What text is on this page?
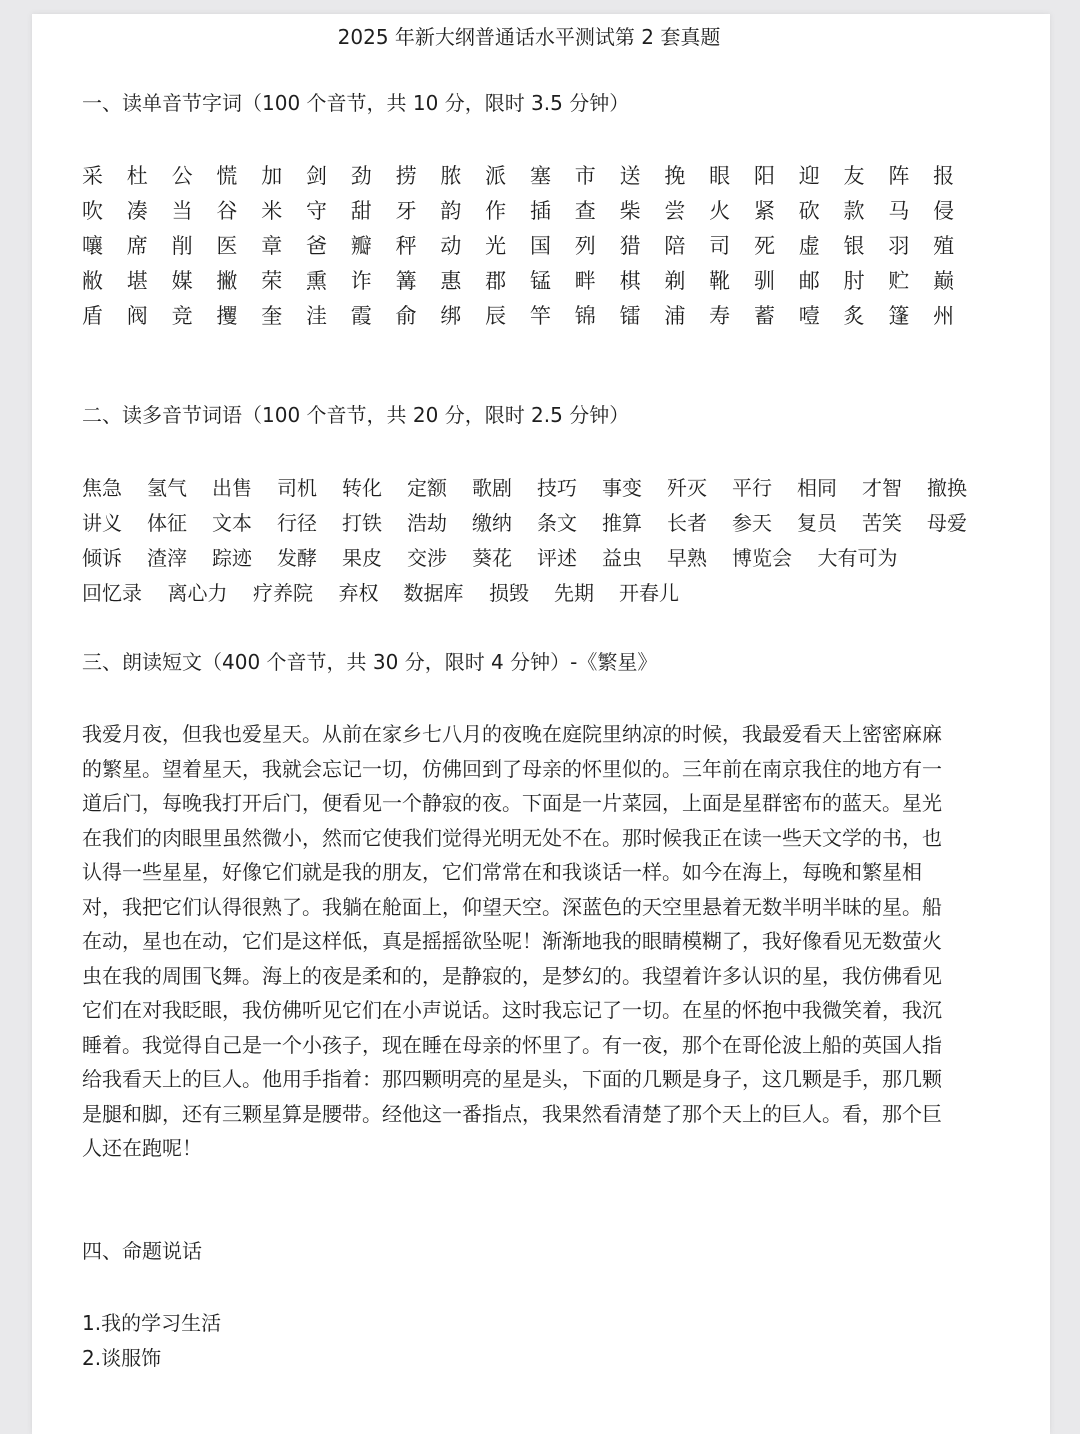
2025 年新大纲普通话水平测试第 2 套真题
一、读单音节字词（100 个音节，共 10 分，限时 3.5 分钟）
采	杜	公	慌	加	剑	劲	捞	脓	派	塞	市	送	挽	眼	阳	迎	友	阵	报
吹	凑	当	谷	米	守	甜	牙	韵	作	插	查	柴	尝	火	紧	砍	款	马	侵
嚷	席	削	医	章	爸	瓣	秤	动	光	国	列	猎	陪	司	死	虚	银	羽	殖
敝	堪	媒	撇	荣	熏	诈	篝	惠	郡	锰	畔	棋	剃	靴	驯	邮	肘	贮	巅
盾	阀	竞	攫	奎	洼	霞	俞	绑	辰	竿	锦	镭	浦	寿	蓄	噎	炙	篷	州
二、读多音节词语（100 个音节，共 20 分，限时 2.5 分钟）
焦急 氢气 出售 司机 转化 定额 歌剧 技巧 事变 歼灭 平行 相同 才智 撤换
讲义 体征 文本 行径 打铁 浩劫 缴纳 条文 推算 长者 参天 复员 苦笑 母爱
倾诉 渣滓 踪迹 发酵 果皮 交涉 葵花 评述 益虫 早熟 博览会 大有可为
回忆录 离心力 疗养院 弃权 数据库 损毁 先期 开春儿
三、朗读短文（400 个音节，共 30 分，限时 4 分钟）-《繁星》
我爱月夜，但我也爱星天。从前在家乡七八月的夜晚在庭院里纳凉的时候，我最爱看天上密密麻麻
的繁星。望着星天，我就会忘记一切，仿佛回到了母亲的怀里似的。三年前在南京我住的地方有一
道后门，每晚我打开后门，便看见一个静寂的夜。下面是一片菜园，上面是星群密布的蓝天。星光
在我们的肉眼里虽然微小，然而它使我们觉得光明无处不在。那时候我正在读一些天文学的书，也
认得一些星星，好像它们就是我的朋友，它们常常在和我谈话一样。如今在海上，每晚和繁星相
对，我把它们认得很熟了。我躺在舱面上，仰望天空。深蓝色的天空里悬着无数半明半昧的星。船
在动，星也在动，它们是这样低，真是摇摇欲坠呢！渐渐地我的眼睛模糊了，我好像看见无数萤火
虫在我的周围飞舞。海上的夜是柔和的，是静寂的，是梦幻的。我望着许多认识的星，我仿佛看见
它们在对我眨眼，我仿佛听见它们在小声说话。这时我忘记了一切。在星的怀抱中我微笑着，我沉
睡着。我觉得自己是一个小孩子，现在睡在母亲的怀里了。有一夜，那个在哥伦波上船的英国人指
给我看天上的巨人。他用手指着：那四颗明亮的星是头，下面的几颗是身子，这几颗是手，那几颗
是腿和脚，还有三颗星算是腰带。经他这一番指点，我果然看清楚了那个天上的巨人。看，那个巨
人还在跑呢！
四、命题说话
1.我的学习生活
2.谈服饰
